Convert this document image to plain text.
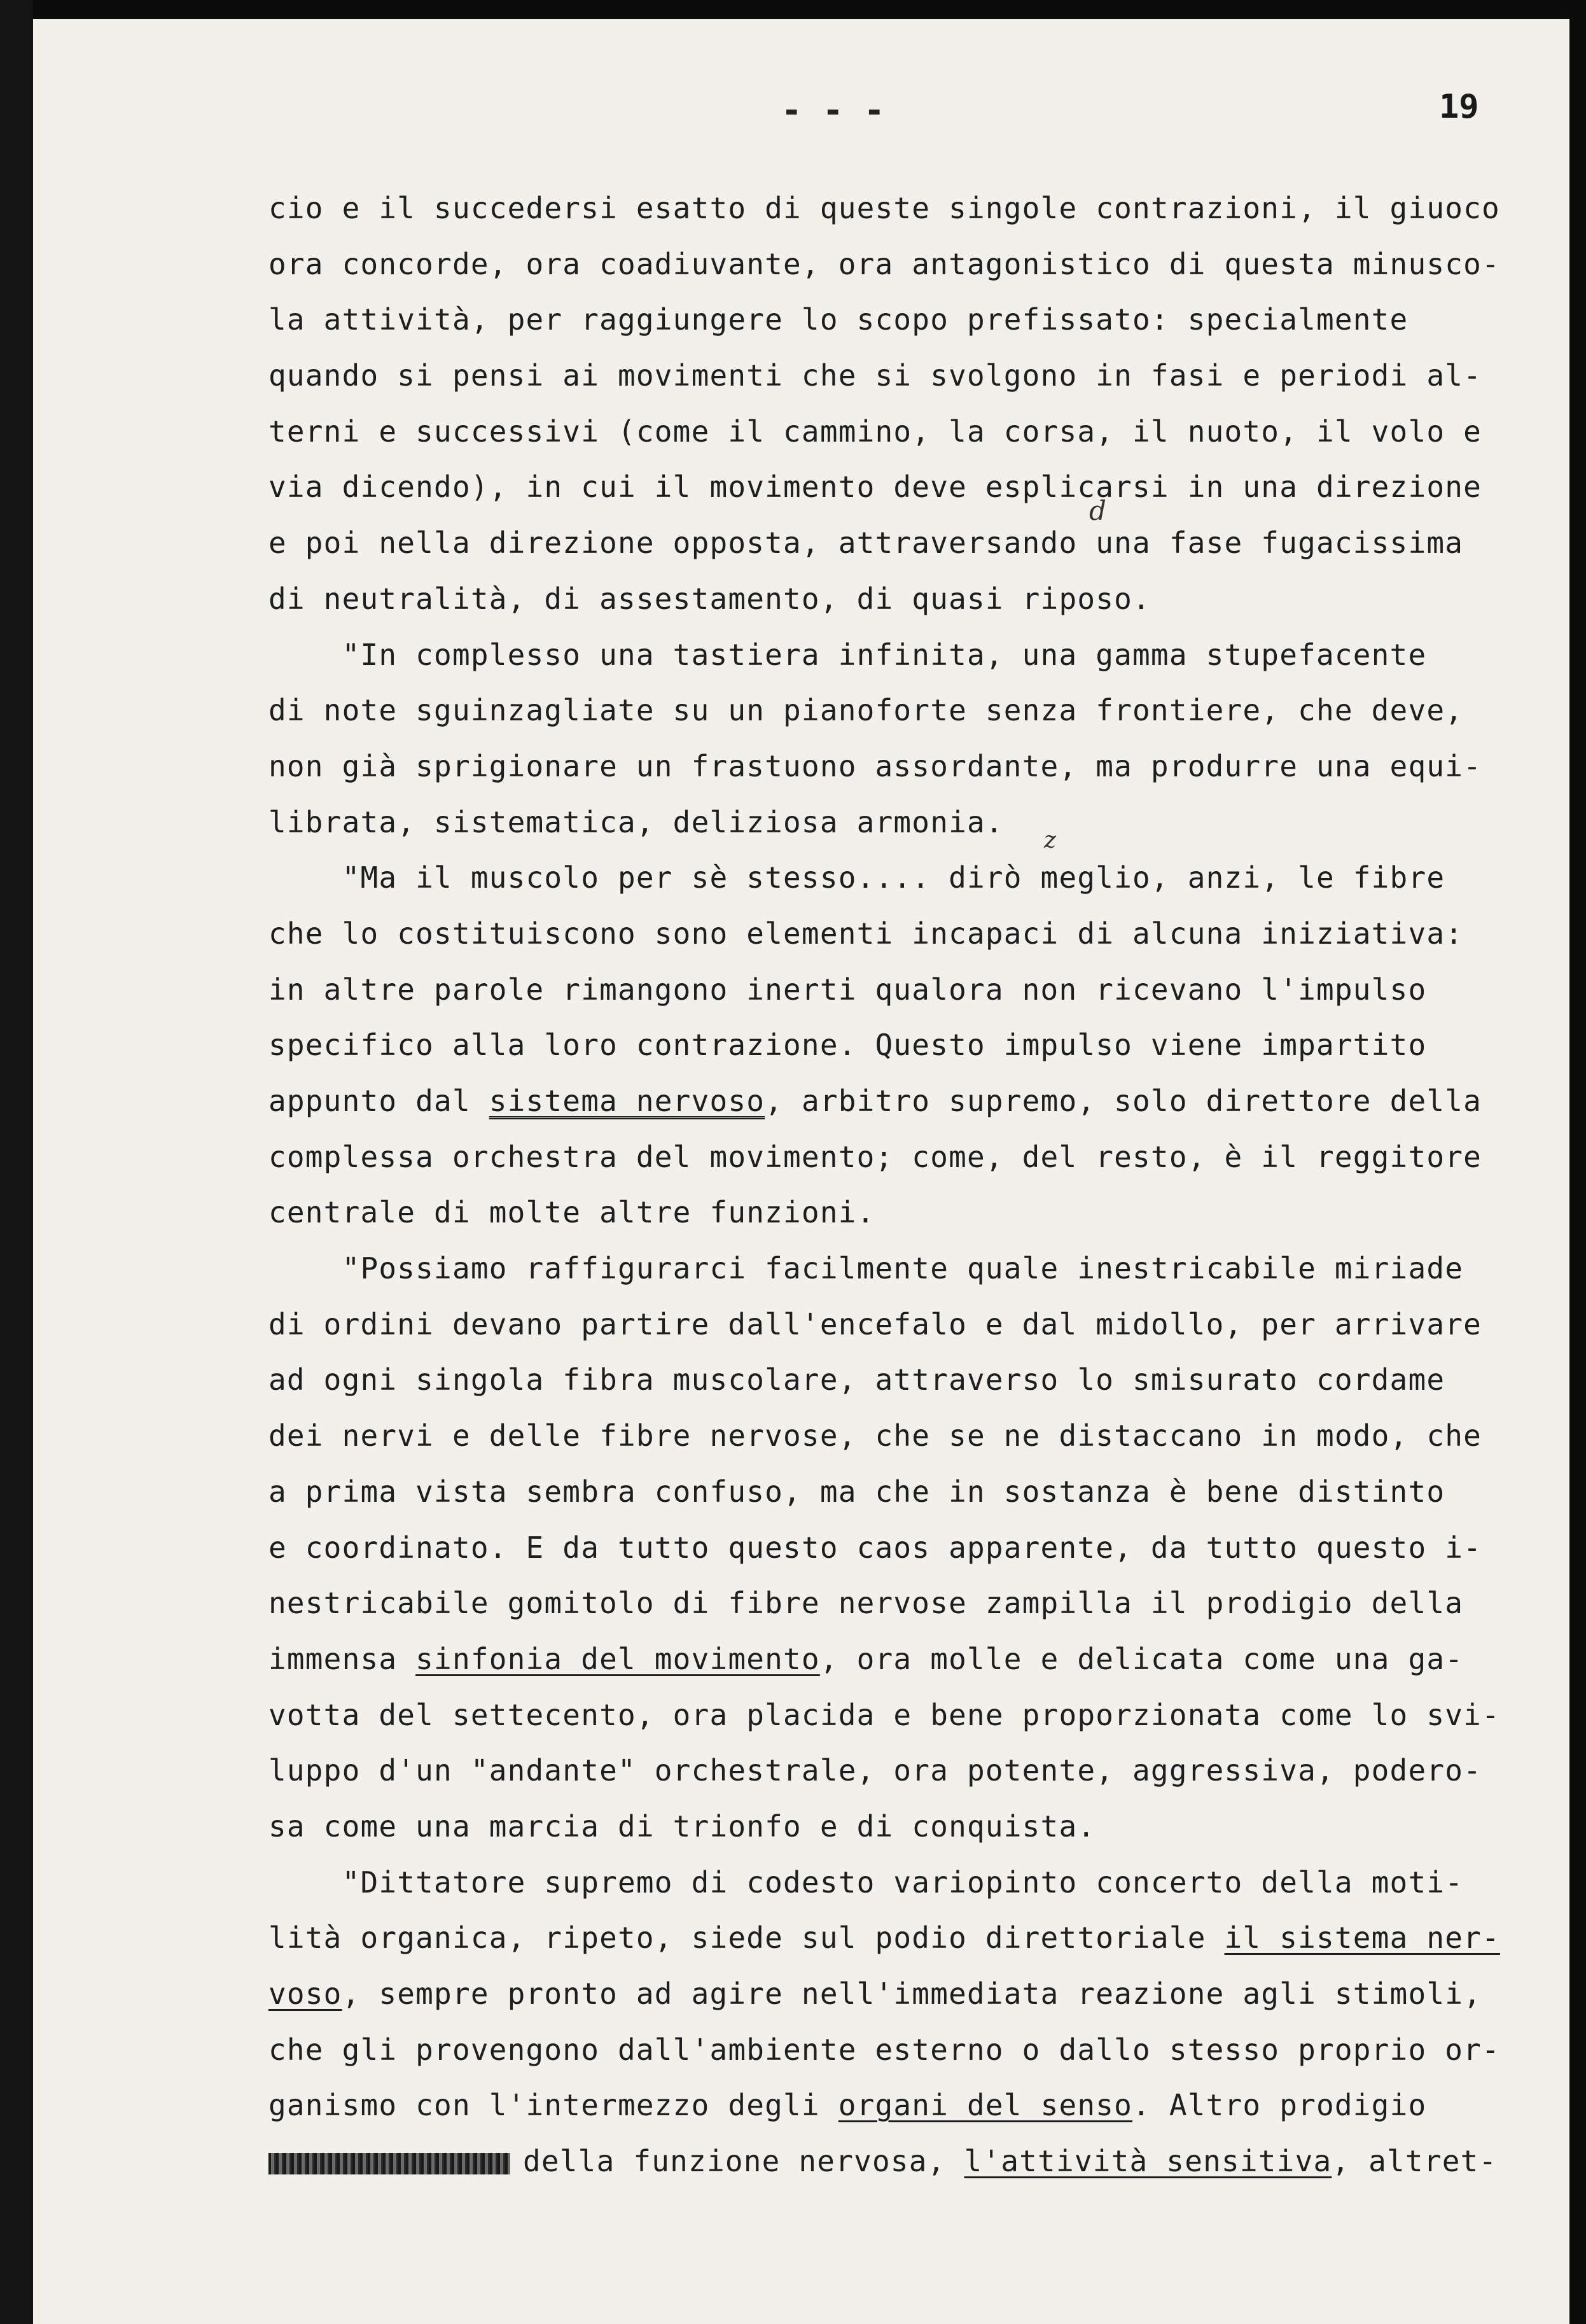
- - -	19
d
z
cio e il succedersi esatto di queste singole contrazioni, il giuoco
ora concorde, ora coadiuvante, ora antagonistico di questa minusco-
la attività, per raggiungere lo scopo prefissato: specialmente
quando si pensi ai movimenti che si svolgono in fasi e periodi al-
terni e successivi (come il cammino, la corsa, il nuoto, il volo e
via dicendo), in cui il movimento deve esplicarsi in una direzione
e poi nella direzione opposta, attraversando una fase fugacissima
di neutralità, di assestamento, di quasi riposo.
"In complesso una tastiera infinita, una gamma stupefacente
di note sguinzagliate su un pianoforte senza frontiere, che deve,
non già sprigionare un frastuono assordante, ma produrre una equi-
librata, sistematica, deliziosa armonia.
"Ma il muscolo per sè stesso.... dirò meglio, anzi, le fibre
che lo costituiscono sono elementi incapaci di alcuna iniziativa:
in altre parole rimangono inerti qualora non ricevano l'impulso
specifico alla loro contrazione. Questo impulso viene impartito
appunto dal sistema nervoso, arbitro supremo, solo direttore della
complessa orchestra del movimento; come, del resto, è il reggitore
centrale di molte altre funzioni.
"Possiamo raffigurarci facilmente quale inestricabile miriade
di ordini devano partire dall'encefalo e dal midollo, per arrivare
ad ogni singola fibra muscolare, attraverso lo smisurato cordame
dei nervi e delle fibre nervose, che se ne distaccano in modo, che
a prima vista sembra confuso, ma che in sostanza è bene distinto
e coordinato. E da tutto questo caos apparente, da tutto questo i-
nestricabile gomitolo di fibre nervose zampilla il prodigio della
immensa sinfonia del movimento, ora molle e delicata come una ga-
votta del settecento, ora placida e bene proporzionata come lo svi-
luppo d'un "andante" orchestrale, ora potente, aggressiva, podero-
sa come una marcia di trionfo e di conquista.
"Dittatore supremo di codesto variopinto concerto della moti-
lità organica, ripeto, siede sul podio direttoriale il sistema ner-
voso, sempre pronto ad agire nell'immediata reazione agli stimoli,
che gli provengono dall'ambiente esterno o dallo stesso proprio or-
ganismo con l'intermezzo degli organi del senso. Altro prodigio
della funzione nervosa, l'attività sensitiva, altret-
